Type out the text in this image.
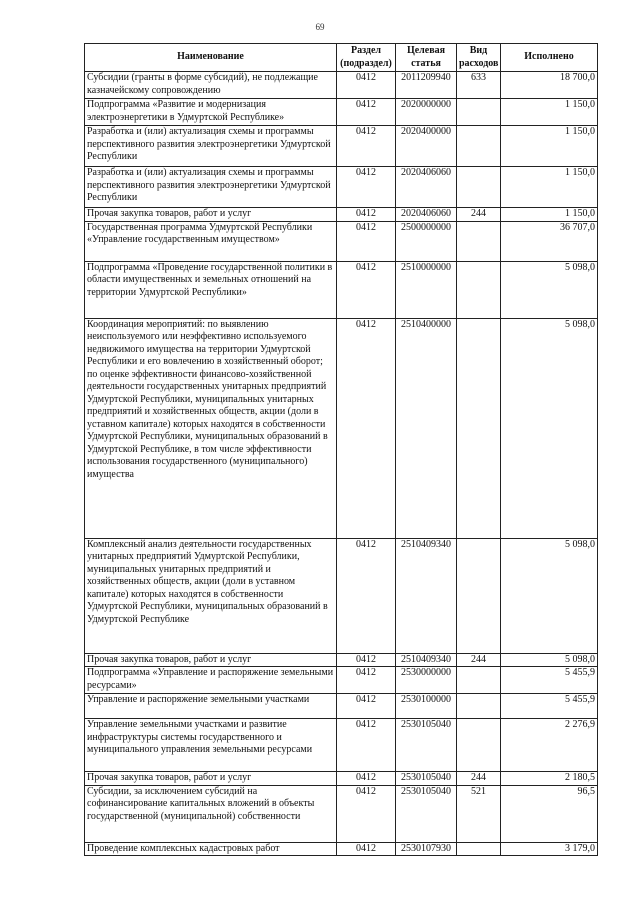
69
Наименование	Раздел (подраздел)	Целевая статья	Вид расходов	Исполнено
Субсидии (гранты в форме субсидий), не подлежащие казначейскому сопровождению	0412	2011209940	633	18 700,0
Подпрограмма «Развитие и модернизация электроэнергетики в Удмуртской Республике»	0412	2020000000		1 150,0
Разработка и (или) актуализация схемы и программы перспективного развития электроэнергетики Удмуртской Республики	0412	2020400000		1 150,0
Разработка и (или) актуализация схемы и программы перспективного развития электроэнергетики Удмуртской Республики	0412	2020406060		1 150,0
Прочая закупка товаров, работ и услуг	0412	2020406060	244	1 150,0
Государственная программа Удмуртской Республики «Управление государственным имуществом»	0412	2500000000		36 707,0
Подпрограмма «Проведение государственной политики в области имущественных и земельных отношений на территории Удмуртской Республики»	0412	2510000000		5 098,0
Координация мероприятий: по выявлению неиспользуемого или неэффективно используемого недвижимого имущества на территории Удмуртской Республики и его вовлечению в хозяйственный оборот; по оценке эффективности финансово-хозяйственной деятельности государственных унитарных предприятий Удмуртской Республики, муниципальных унитарных предприятий и хозяйственных обществ, акции (доли в уставном капитале) которых находятся в собственности Удмуртской Республики, муниципальных образований в Удмуртской Республике, в том числе эффективности использования государственного (муниципального) имущества	0412	2510400000		5 098,0
Комплексный анализ деятельности государственных унитарных предприятий Удмуртской Республики, муниципальных унитарных предприятий и хозяйственных обществ, акции (доли в уставном капитале) которых находятся в собственности Удмуртской Республики, муниципальных образований в Удмуртской Республике	0412	2510409340		5 098,0
Прочая закупка товаров, работ и услуг	0412	2510409340	244	5 098,0
Подпрограмма «Управление и распоряжение земельными ресурсами»	0412	2530000000		5 455,9
Управление и распоряжение земельными участками	0412	2530100000		5 455,9
Управление земельными участками и развитие инфраструктуры системы государственного и муниципального управления земельными ресурсами	0412	2530105040		2 276,9
Прочая закупка товаров, работ и услуг	0412	2530105040	244	2 180,5
Субсидии, за исключением субсидий на софинансирование капитальных вложений в объекты государственной (муниципальной) собственности	0412	2530105040	521	96,5
Проведение комплексных кадастровых работ	0412	2530107930		3 179,0
